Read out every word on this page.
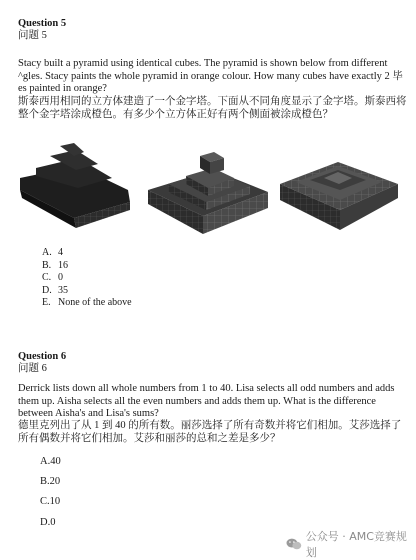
Question 5
问题 5
Stacy built a pyramid using identical cubes. The pyramid is shown below from different ^gles. Stacy paints the whole pyramid in orange colour. How many cubes have exactly 2 毕 es painted in orange?
斯泰西用相同的立方体建造了一个金字塔。下面从不同角度显示了金字塔。斯泰西将 整个金字塔涂成橙色。有多少个立方体正好有两个侧面被涂成橙色？
A. 4
B. 16
C. 0
D. 35
E. None of the above
Question 6
问题 6
Derrick lists down all whole numbers from 1 to 40. Lisa selects all odd numbers and adds them up. Aisha selects all the even numbers and adds them up. What is the difference between Aisha's and Lisa's sums?
德里克列出了从 1 到 40 的所有数。丽莎选择了所有奇数并将它们相加。艾莎选择了所有偶数并将它们相加。艾莎和丽莎的总和之差是多少？
A.40
B.20
C.10
D.0
公众号 · AMC竞赛规划
